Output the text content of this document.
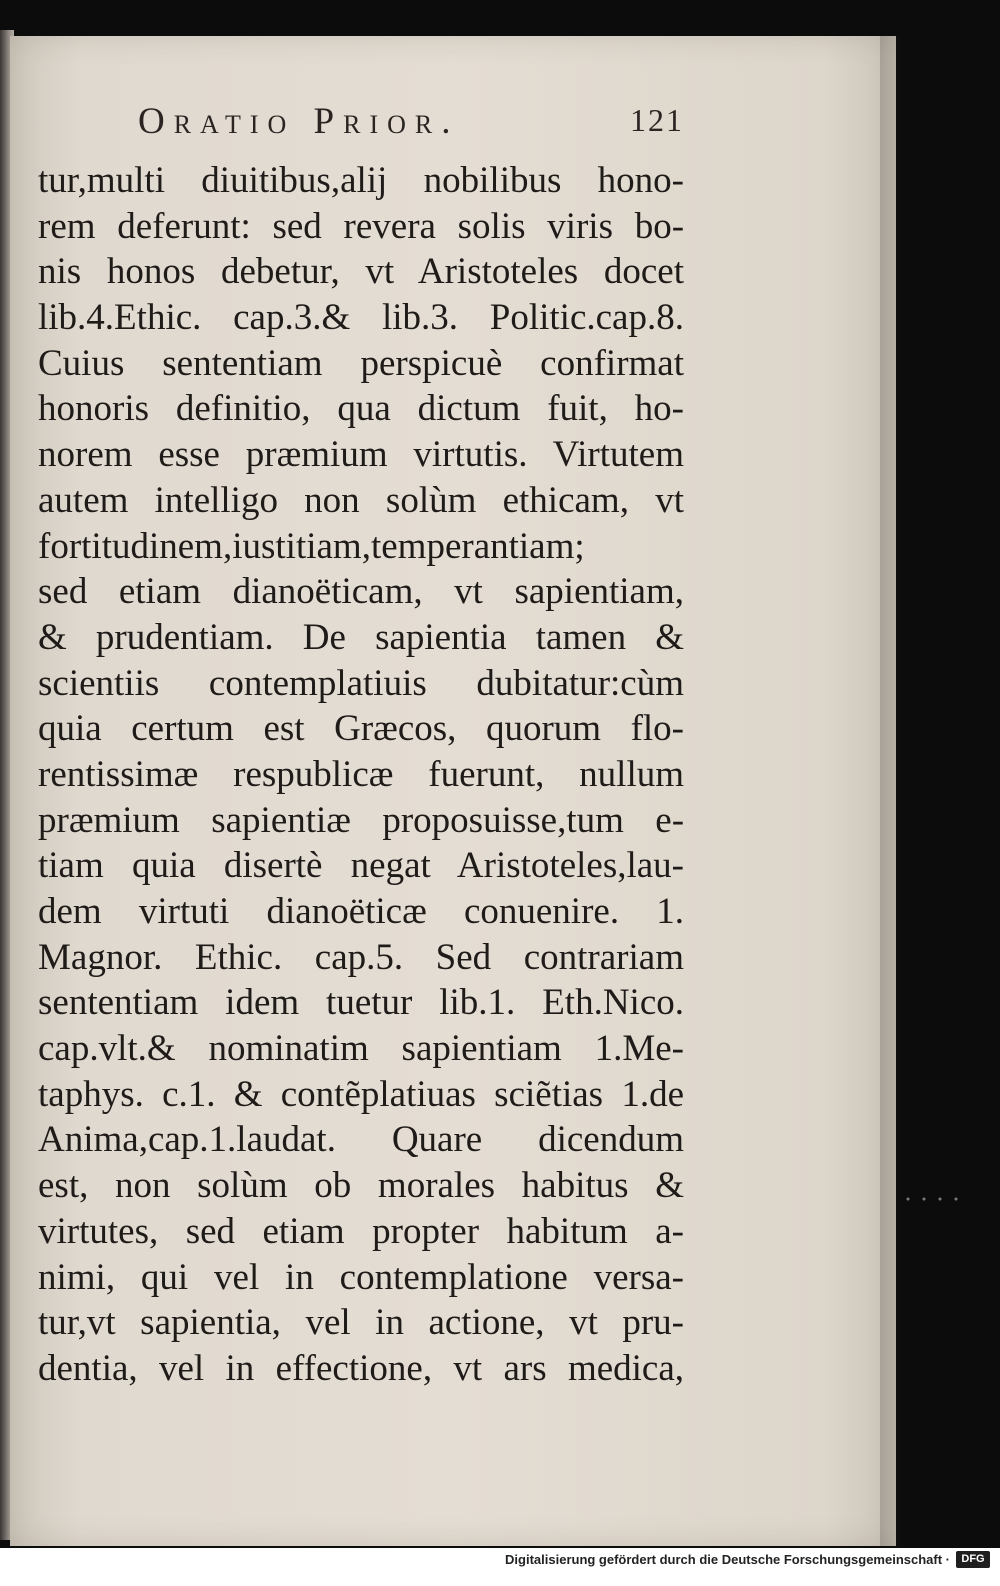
Oratio Prior.	121
tur,multi diuitibus,alij nobilibus hono-
rem deferunt: sed revera solis viris bo-
nis honos debetur, vt Aristoteles docet
lib.4.Ethic. cap.3.& lib.3. Politic.cap.8.
Cuius sententiam perspicuè confirmat
honoris definitio, qua dictum fuit, ho-
norem esse præmium virtutis. Virtutem
autem intelligo non solùm ethicam, vt
fortitudinem,iustitiam,temperantiam;
sed etiam dianoëticam, vt sapientiam,
& prudentiam. De sapientia tamen &
scientiis contemplatiuis dubitatur:cùm
quia certum est Græcos, quorum flo-
rentissimæ respublicæ fuerunt, nullum
præmium sapientiæ proposuisse,tum e-
tiam quia disertè negat Aristoteles,lau-
dem virtuti dianoëticæ conuenire. 1.
Magnor. Ethic. cap.5. Sed contrariam
sententiam idem tuetur lib.1. Eth.Nico.
cap.vlt.& nominatim sapientiam 1.Me-
taphys. c.1. & contẽplatiuas sciẽtias 1.de
Anima,cap.1.laudat. Quare dicendum
est, non solùm ob morales habitus &
virtutes, sed etiam propter habitum a-
nimi, qui vel in contemplatione versa-
tur,vt sapientia, vel in actione, vt pru-
dentia, vel in effectione, vt ars medica,
Digitalisierung gefördert durch die Deutsche Forschungsgemeinschaft ·	DFG
